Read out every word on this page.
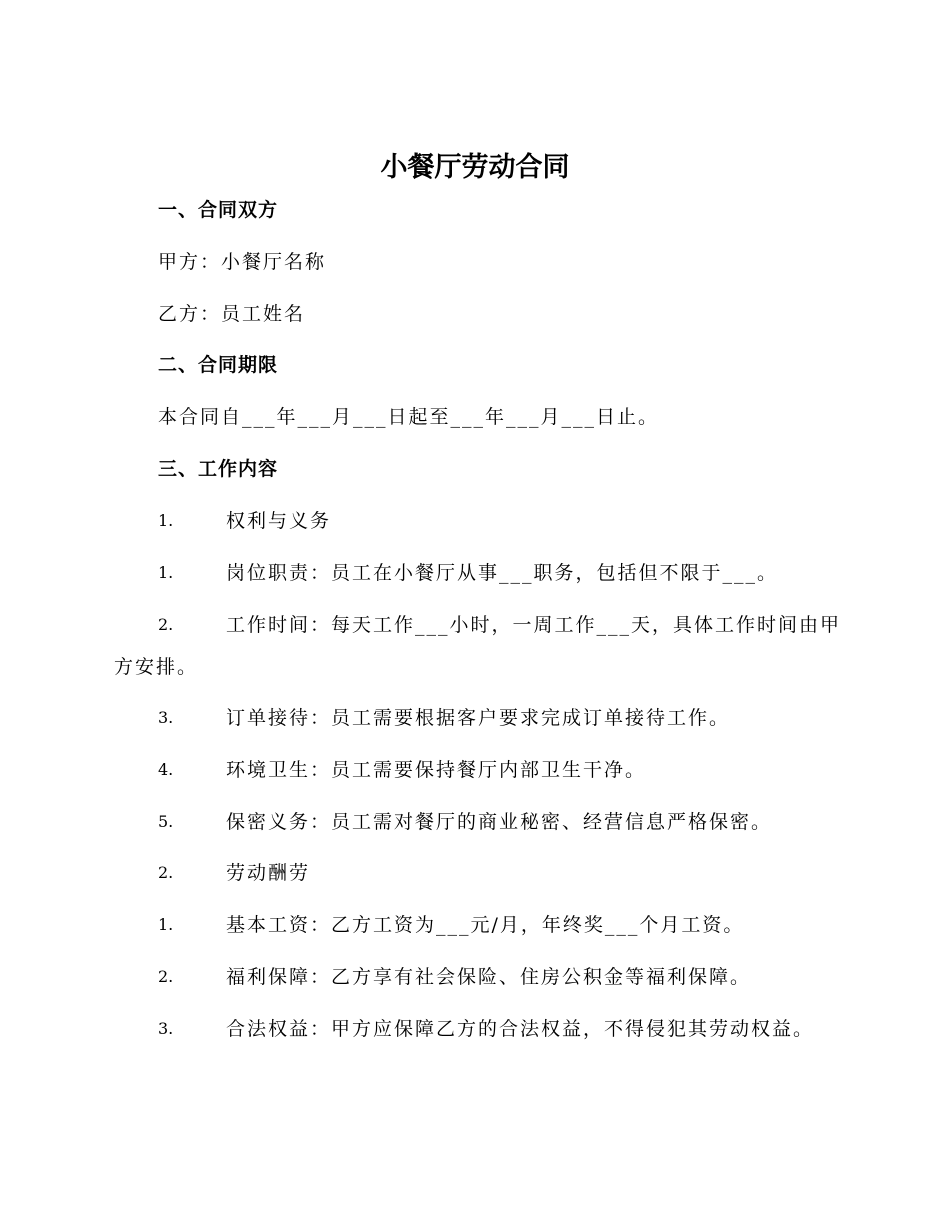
小餐厅劳动合同
一、合同双方

甲方：小餐厅名称

乙方：员工姓名

二、合同期限

本合同自___年___月___日起至___年___月___日止。

三、工作内容
1.	权利与义务
1.	岗位职责：员工在小餐厅从事___职务，包括但不限于___。
2.	工作时间：每天工作___小时，一周工作___天，具体工作时间由甲方安排。
3.	订单接待：员工需要根据客户要求完成订单接待工作。
4.	环境卫生：员工需要保持餐厅内部卫生干净。
5.	保密义务：员工需对餐厅的商业秘密、经营信息严格保密。
2.	劳动酬劳
1.	基本工资：乙方工资为___元/月，年终奖___个月工资。
2.	福利保障：乙方享有社会保险、住房公积金等福利保障。
3.	合法权益：甲方应保障乙方的合法权益，不得侵犯其劳动权益。
